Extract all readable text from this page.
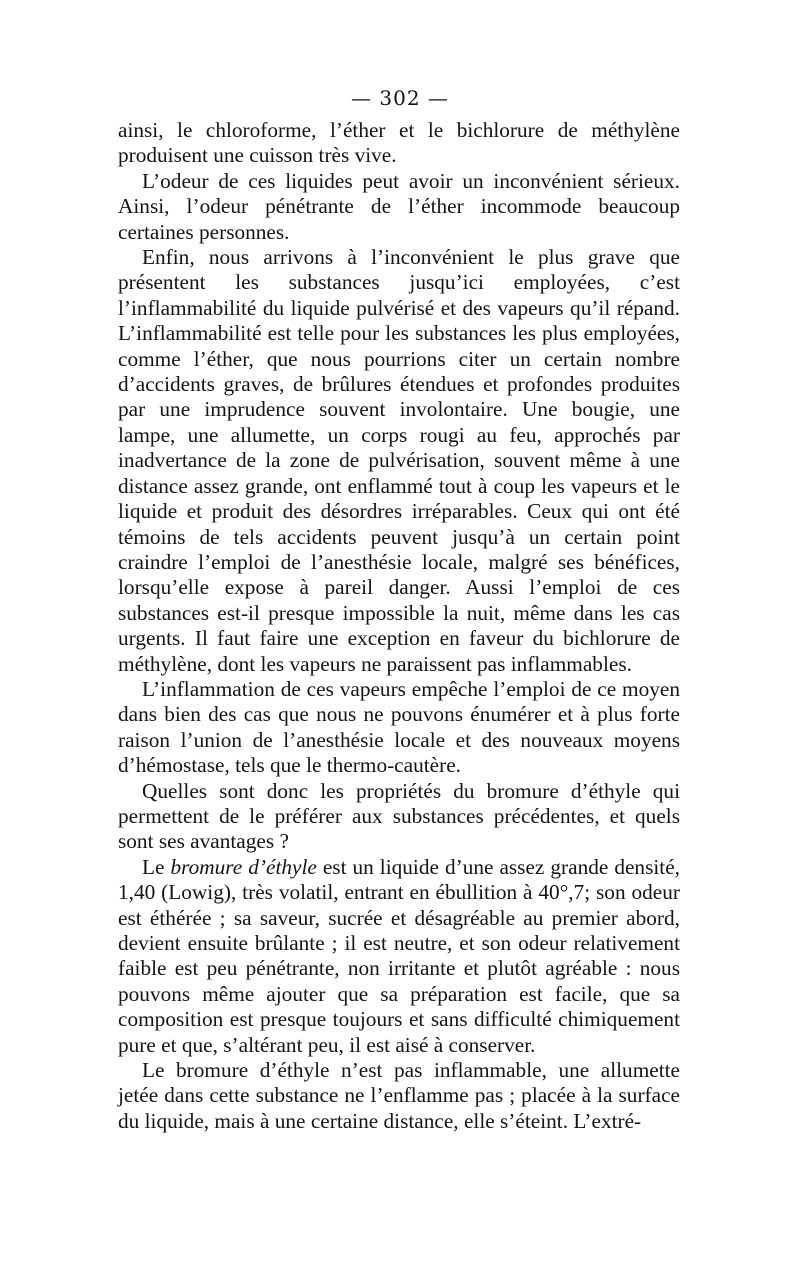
— 302 —

ainsi, le chloroforme, l’éther et le bichlorure de méthylène produisent une cuisson très vive.

L’odeur de ces liquides peut avoir un inconvénient sérieux. Ainsi, l’odeur pénétrante de l’éther incommode beaucoup certaines personnes.

Enfin, nous arrivons à l’inconvénient le plus grave que présentent les substances jusqu’ici employées, c’est l’inflammabilité du liquide pulvérisé et des vapeurs qu’il répand. L’inflammabilité est telle pour les substances les plus employées, comme l’éther, que nous pourrions citer un certain nombre d’accidents graves, de brûlures étendues et profondes produites par une imprudence souvent involontaire. Une bougie, une lampe, une allumette, un corps rougi au feu, approchés par inadvertance de la zone de pulvérisation, souvent même à une distance assez grande, ont enflammé tout à coup les vapeurs et le liquide et produit des désordres irréparables. Ceux qui ont été témoins de tels accidents peuvent jusqu’à un certain point craindre l’emploi de l’anesthésie locale, malgré ses bénéfices, lorsqu’elle expose à pareil danger. Aussi l’emploi de ces substances est-il presque impossible la nuit, même dans les cas urgents. Il faut faire une exception en faveur du bichlorure de méthylène, dont les vapeurs ne paraissent pas inflammables.

L’inflammation de ces vapeurs empêche l’emploi de ce moyen dans bien des cas que nous ne pouvons énumérer et à plus forte raison l’union de l’anesthésie locale et des nouveaux moyens d’hémostase, tels que le thermo-cautère.

Quelles sont donc les propriétés du bromure d’éthyle qui permettent de le préférer aux substances précédentes, et quels sont ses avantages ?

Le bromure d’éthyle est un liquide d’une assez grande densité, 1,40 (Lowig), très volatil, entrant en ébullition à 40°,7; son odeur est éthérée ; sa saveur, sucrée et désagréable au premier abord, devient ensuite brûlante ; il est neutre, et son odeur relativement faible est peu pénétrante, non irritante et plutôt agréable : nous pouvons même ajouter que sa préparation est facile, que sa composition est presque toujours et sans difficulté chimiquement pure et que, s’altérant peu, il est aisé à conserver.

Le bromure d’éthyle n’est pas inflammable, une allumette jetée dans cette substance ne l’enflamme pas ; placée à la surface du liquide, mais à une certaine distance, elle s’éteint. L’extré-
